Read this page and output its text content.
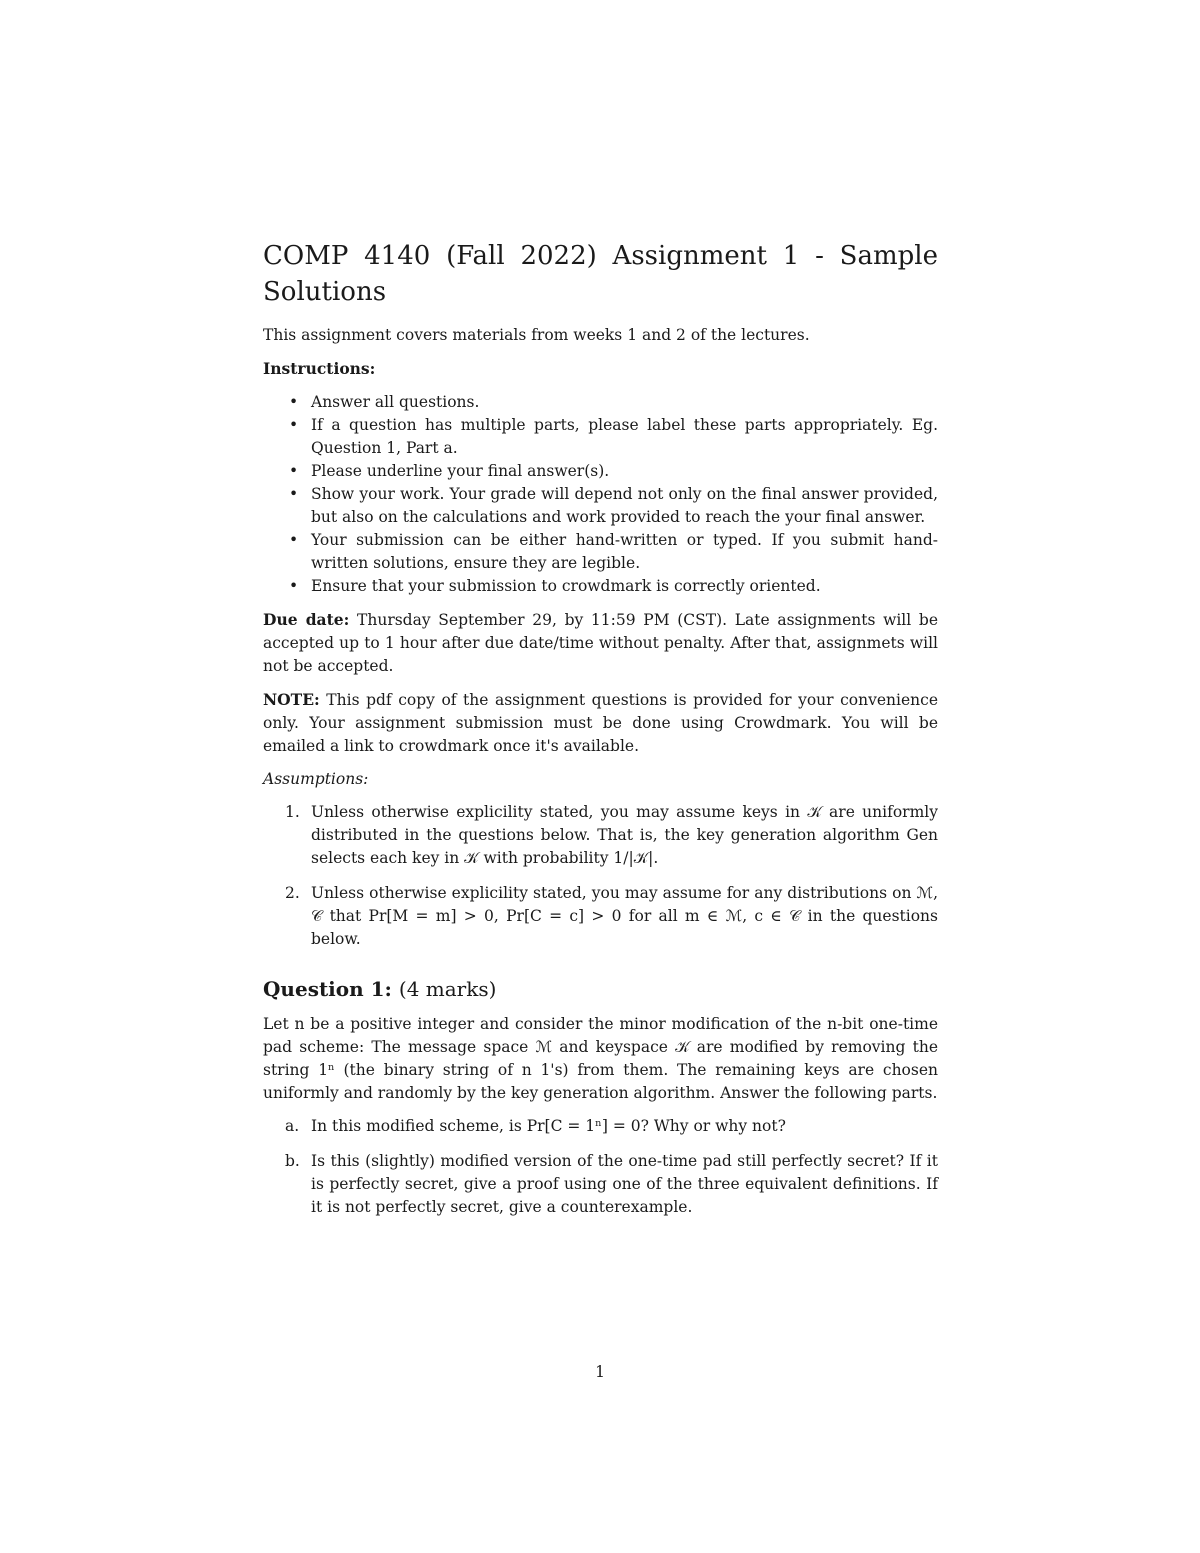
COMP 4140 (Fall 2022) Assignment 1 - Sample Solutions

This assignment covers materials from weeks 1 and 2 of the lectures.

Instructions:

• Answer all questions.
• If a question has multiple parts, please label these parts appropriately. Eg. Question 1, Part a.
• Please underline your final answer(s).
• Show your work. Your grade will depend not only on the final answer provided, but also on the calculations and work provided to reach the your final answer.
• Your submission can be either hand-written or typed. If you submit hand-written solutions, ensure they are legible.
• Ensure that your submission to crowdmark is correctly oriented.

Due date: Thursday September 29, by 11:59 PM (CST). Late assignments will be accepted up to 1 hour after due date/time without penalty. After that, assignmets will not be accepted.

NOTE: This pdf copy of the assignment questions is provided for your convenience only. Your assignment submission must be done using Crowdmark. You will be emailed a link to crowdmark once it's available.

Assumptions:

1. Unless otherwise explicility stated, you may assume keys in 𝒦 are uniformly distributed in the questions below. That is, the key generation algorithm Gen selects each key in 𝒦 with probability 1/|𝒦|.
2. Unless otherwise explicility stated, you may assume for any distributions on ℳ, 𝒞 that Pr[M = m] > 0, Pr[C = c] > 0 for all m ∈ ℳ, c ∈ 𝒞 in the questions below.
Question 1: (4 marks)

Let n be a positive integer and consider the minor modification of the n-bit one-time pad scheme: The message space ℳ and keyspace 𝒦 are modified by removing the string 1ⁿ (the binary string of n 1's) from them. The remaining keys are chosen uniformly and randomly by the key generation algorithm. Answer the following parts.

a. In this modified scheme, is Pr[C = 1ⁿ] = 0? Why or why not?
b. Is this (slightly) modified version of the one-time pad still perfectly secret? If it is perfectly secret, give a proof using one of the three equivalent definitions. If it is not perfectly secret, give a counterexample.
1
